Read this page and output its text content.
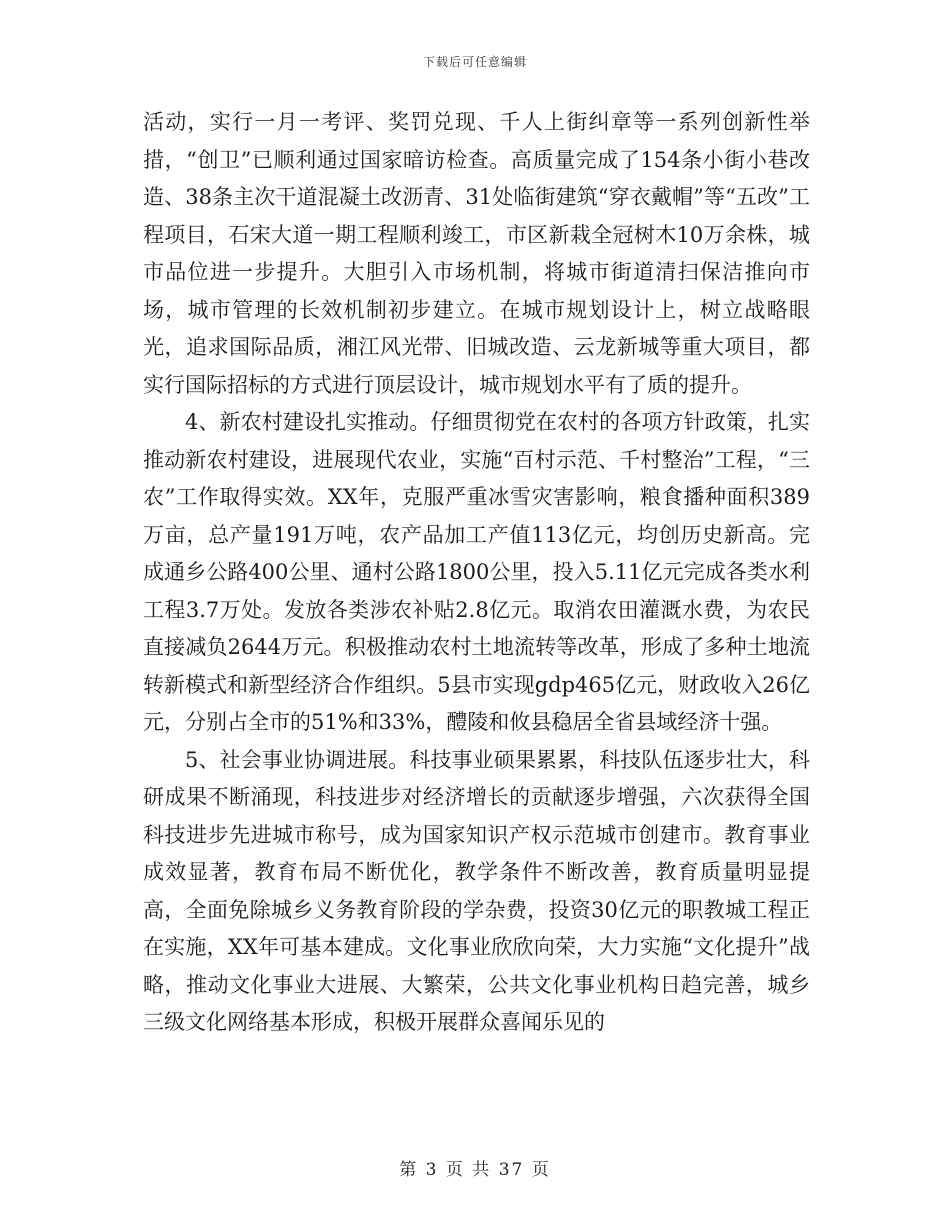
下载后可任意编辑

活动，实行一月一考评、奖罚兑现、千人上街纠章等一系列创新性举措，“创卫”已顺利通过国家暗访检查。高质量完成了154条小街小巷改造、38条主次干道混凝土改沥青、31处临街建筑“穿衣戴帽”等“五改”工程项目，石宋大道一期工程顺利竣工，市区新栽全冠树木10万余株，城市品位进一步提升。大胆引入市场机制，将城市街道清扫保洁推向市场，城市管理的长效机制初步建立。在城市规划设计上，树立战略眼光，追求国际品质，湘江风光带、旧城改造、云龙新城等重大项目，都实行国际招标的方式进行顶层设计，城市规划水平有了质的提升。

4、新农村建设扎实推动。仔细贯彻党在农村的各项方针政策，扎实推动新农村建设，进展现代农业，实施“百村示范、千村整治”工程，“三农”工作取得实效。XX年，克服严重冰雪灾害影响，粮食播种面积389万亩，总产量191万吨，农产品加工产值113亿元，均创历史新高。完成通乡公路400公里、通村公路1800公里，投入5.11亿元完成各类水利工程3.7万处。发放各类涉农补贴2.8亿元。取消农田灌溉水费，为农民直接减负2644万元。积极推动农村土地流转等改革，形成了多种土地流转新模式和新型经济合作组织。5县市实现gdp465亿元，财政收入26亿元，分别占全市的51%和33%，醴陵和攸县稳居全省县域经济十强。

5、社会事业协调进展。科技事业硕果累累，科技队伍逐步壮大，科研成果不断涌现，科技进步对经济增长的贡献逐步增强，六次获得全国科技进步先进城市称号，成为国家知识产权示范城市创建市。教育事业成效显著，教育布局不断优化，教学条件不断改善，教育质量明显提高，全面免除城乡义务教育阶段的学杂费，投资30亿元的职教城工程正在实施，XX年可基本建成。文化事业欣欣向荣，大力实施“文化提升”战略，推动文化事业大进展、大繁荣，公共文化事业机构日趋完善，城乡三级文化网络基本形成，积极开展群众喜闻乐见的

第 3 页 共 37 页
